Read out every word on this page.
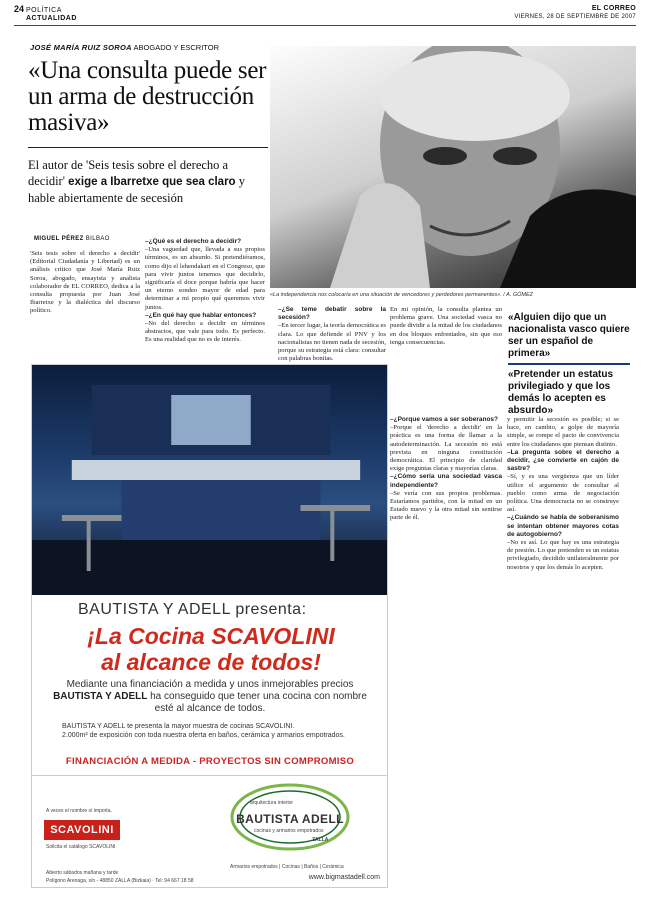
24 POLÍTICA
ACTUALIDAD
EL CORREO
VIERNES, 28 DE SEPTIEMBRE DE 2007
JOSÉ MARÍA RUIZ SOROA ABOGADO Y ESCRITOR
«Una consulta puede ser un arma de destrucción masiva»
El autor de 'Seis tesis sobre el derecho a decidir' exige a Ibarretxe que sea claro y hable abiertamente de secesión
«La independencia nos colocaría en una situación de vencedores y perdedores permanentes». / A. GÓMEZ
MIGUEL PÉREZ BILBAO
'Seis tesis sobre el derecho a decidir' (Editorial Ciudadanía y Libertad) es un análisis crítico que José María Ruiz Soroa, abogado, ensayista y analista colaborador de EL CORREO, dedica a la consulta propuesta por Juan José Ibarretxe y la dialéctica del discurso político.
–¿Qué es el derecho a decidir?
–Una vaguedad que, llevada a sus propios términos, es un absurdo. Si pretendiéramos, como dijo el lehendakari en el Congreso, que para vivir juntos tenemos que decidirlo, significaría el doce porque habría que hacer un eterno sondeo mayor de edad para determinar a mi propio qué queremos vivir juntos.
–¿En qué hay que hablar entonces?
–No del derecho a decidir en términos abstractos, que vale para todo. Es perfecto. Es una realidad que no es de interés.
–¿Se teme debatir sobre la secesión?
–En tercer lugar, la teoría democrática es clara. Lo que defiende el PNV y los nacionalistas no tienen nada de secesión, porque su estrategia está clara: consultar con palabras bonitas.
En mi opinión, la consulta plantea un problema grave. Una sociedad vasca no puede dividir a la mitad de los ciudadanos en dos bloques enfrentados, sin que eso tenga consecuencias.
–¿Porque vamos a ser soberanos?
–Porque el 'derecho a decidir' en la práctica es una forma de llamar a la autodeterminación. La secesión no está prevista en ninguna constitución democrática. El principio de claridad exige preguntas claras y mayorías claras.
–¿Cómo sería una sociedad vasca independiente?
–Se vería con sus propios problemas. Estaríamos partidos, con la mitad en un Estado nuevo y la otra mitad sin sentirse parte de él.
y permitir la secesión es posible; si se hace, en cambio, a golpe de mayoría simple, se rompe el pacto de convivencia entre los ciudadanos que piensan distinto.
–La pregunta sobre el derecho a decidir, ¿se convierte en cajón de sastre?
–Sí, y es una vergüenza que un líder utilice el argumento de consultar al pueblo como arma de negociación política. Una democracia no se construye así.
–¿Cuándo se habla de soberanismo se intentan obtener mayores cotas de autogobierno?
–No es así. Lo que hay es una estrategia de presión. Lo que pretenden es un estatus privilegiado, decidido unilateralmente por nosotros y que los demás lo acepten.
«Alguien dijo que un nacionalista vasco quiere ser un español de primera»
«Pretender un estatus privilegiado y que los demás lo acepten es absurdo»
BAUTISTA Y ADELL presenta:
¡La Cocina SCAVOLINI
al alcance de todos!
Mediante una financiación a medida y unos inmejorables precios
BAUTISTA Y ADELL ha conseguido que tener una cocina con nombre
esté al alcance de todos.
BAUTISTA Y ADELL te presenta la mayor muestra de cocinas SCAVOLINI.
2.000m² de exposición con toda nuestra oferta en baños, cerámica y armarios empotrados.
FINANCIACIÓN A MEDIDA - PROYECTOS SIN COMPROMISO
A veces el nombre sí importa.
SCAVOLINI
Solicita el catálogo SCAVOLINI
Abierto sábados mañana y tarde
Polígono Arenaga, s/n - 48850 ZALLA (Bizkaia) · Tel: 94 667 18 58
arquitectura interior
BAUTISTA ADELL
cocinas y armarios empotrados
ZALLA
Armarios empotrados | Cocinas | Baños | Cerámica
www.bigmastadell.com
